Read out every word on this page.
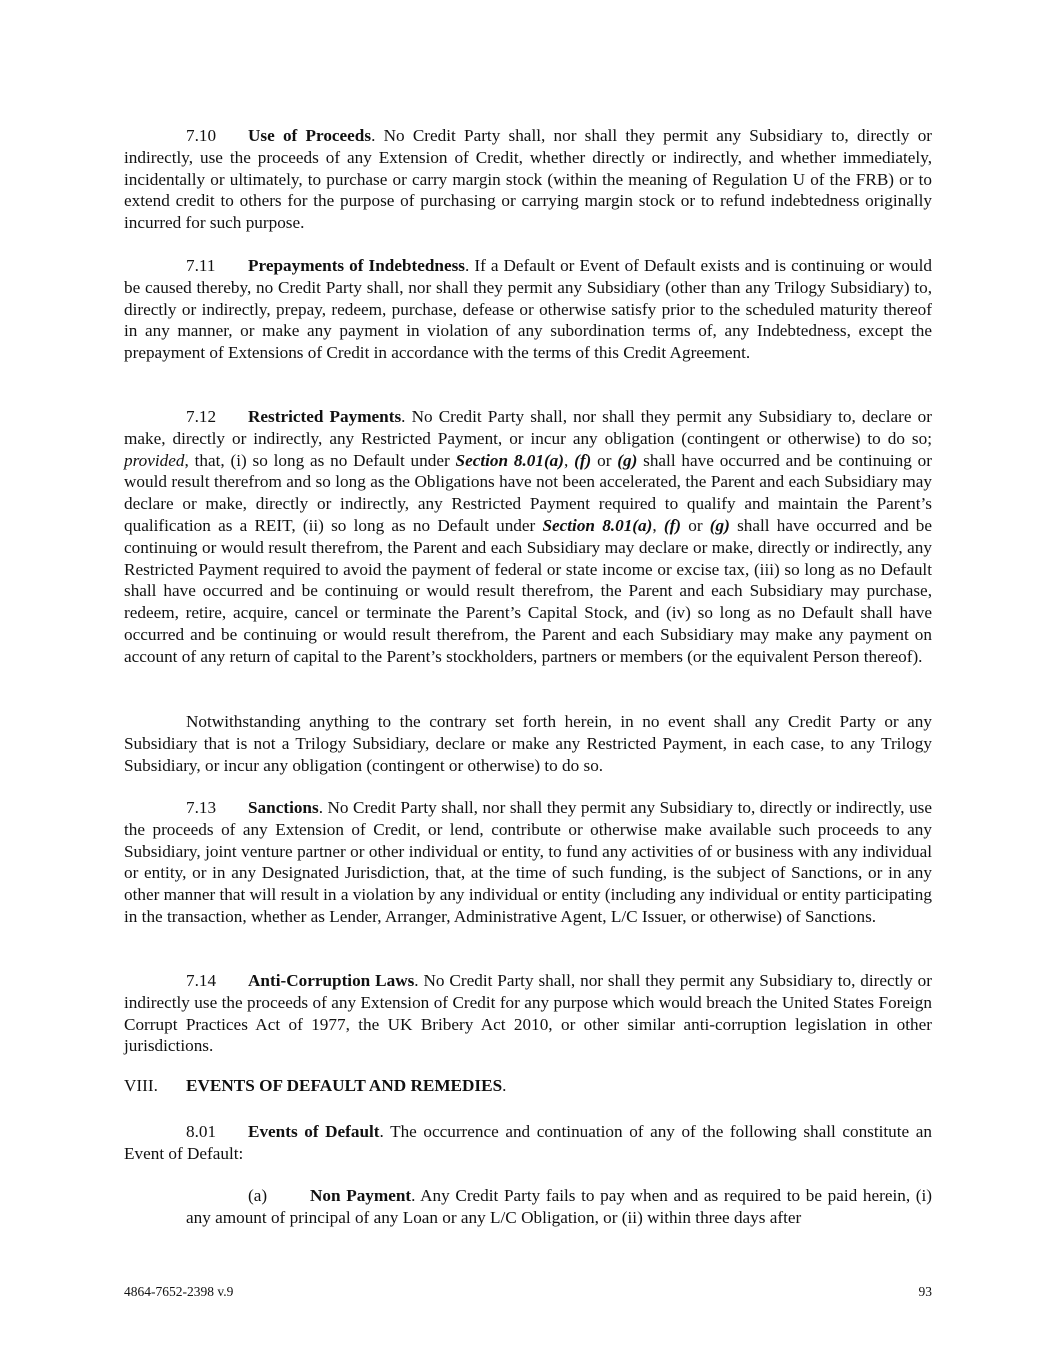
7.10 Use of Proceeds. No Credit Party shall, nor shall they permit any Subsidiary to, directly or indirectly, use the proceeds of any Extension of Credit, whether directly or indirectly, and whether immediately, incidentally or ultimately, to purchase or carry margin stock (within the meaning of Regulation U of the FRB) or to extend credit to others for the purpose of purchasing or carrying margin stock or to refund indebtedness originally incurred for such purpose.

7.11 Prepayments of Indebtedness. If a Default or Event of Default exists and is continuing or would be caused thereby, no Credit Party shall, nor shall they permit any Subsidiary (other than any Trilogy Subsidiary) to, directly or indirectly, prepay, redeem, purchase, defease or otherwise satisfy prior to the scheduled maturity thereof in any manner, or make any payment in violation of any subordination terms of, any Indebtedness, except the prepayment of Extensions of Credit in accordance with the terms of this Credit Agreement.

7.12 Restricted Payments. No Credit Party shall, nor shall they permit any Subsidiary to, declare or make, directly or indirectly, any Restricted Payment, or incur any obligation (contingent or otherwise) to do so; provided, that, (i) so long as no Default under Section 8.01(a), (f) or (g) shall have occurred and be continuing or would result therefrom and so long as the Obligations have not been accelerated, the Parent and each Subsidiary may declare or make, directly or indirectly, any Restricted Payment required to qualify and maintain the Parent’s qualification as a REIT, (ii) so long as no Default under Section 8.01(a), (f) or (g) shall have occurred and be continuing or would result therefrom, the Parent and each Subsidiary may declare or make, directly or indirectly, any Restricted Payment required to avoid the payment of federal or state income or excise tax, (iii) so long as no Default shall have occurred and be continuing or would result therefrom, the Parent and each Subsidiary may purchase, redeem, retire, acquire, cancel or terminate the Parent’s Capital Stock, and (iv) so long as no Default shall have occurred and be continuing or would result therefrom, the Parent and each Subsidiary may make any payment on account of any return of capital to the Parent’s stockholders, partners or members (or the equivalent Person thereof).

Notwithstanding anything to the contrary set forth herein, in no event shall any Credit Party or any Subsidiary that is not a Trilogy Subsidiary, declare or make any Restricted Payment, in each case, to any Trilogy Subsidiary, or incur any obligation (contingent or otherwise) to do so.

7.13 Sanctions. No Credit Party shall, nor shall they permit any Subsidiary to, directly or indirectly, use the proceeds of any Extension of Credit, or lend, contribute or otherwise make available such proceeds to any Subsidiary, joint venture partner or other individual or entity, to fund any activities of or business with any individual or entity, or in any Designated Jurisdiction, that, at the time of such funding, is the subject of Sanctions, or in any other manner that will result in a violation by any individual or entity (including any individual or entity participating in the transaction, whether as Lender, Arranger, Administrative Agent, L/C Issuer, or otherwise) of Sanctions.

7.14 Anti-Corruption Laws. No Credit Party shall, nor shall they permit any Subsidiary to, directly or indirectly use the proceeds of any Extension of Credit for any purpose which would breach the United States Foreign Corrupt Practices Act of 1977, the UK Bribery Act 2010, or other similar anti-corruption legislation in other jurisdictions.

VIII. EVENTS OF DEFAULT AND REMEDIES.

8.01 Events of Default. The occurrence and continuation of any of the following shall constitute an Event of Default:

(a) Non Payment. Any Credit Party fails to pay when and as required to be paid herein, (i) any amount of principal of any Loan or any L/C Obligation, or (ii) within three days after

4864-7652-2398 v.9	93
